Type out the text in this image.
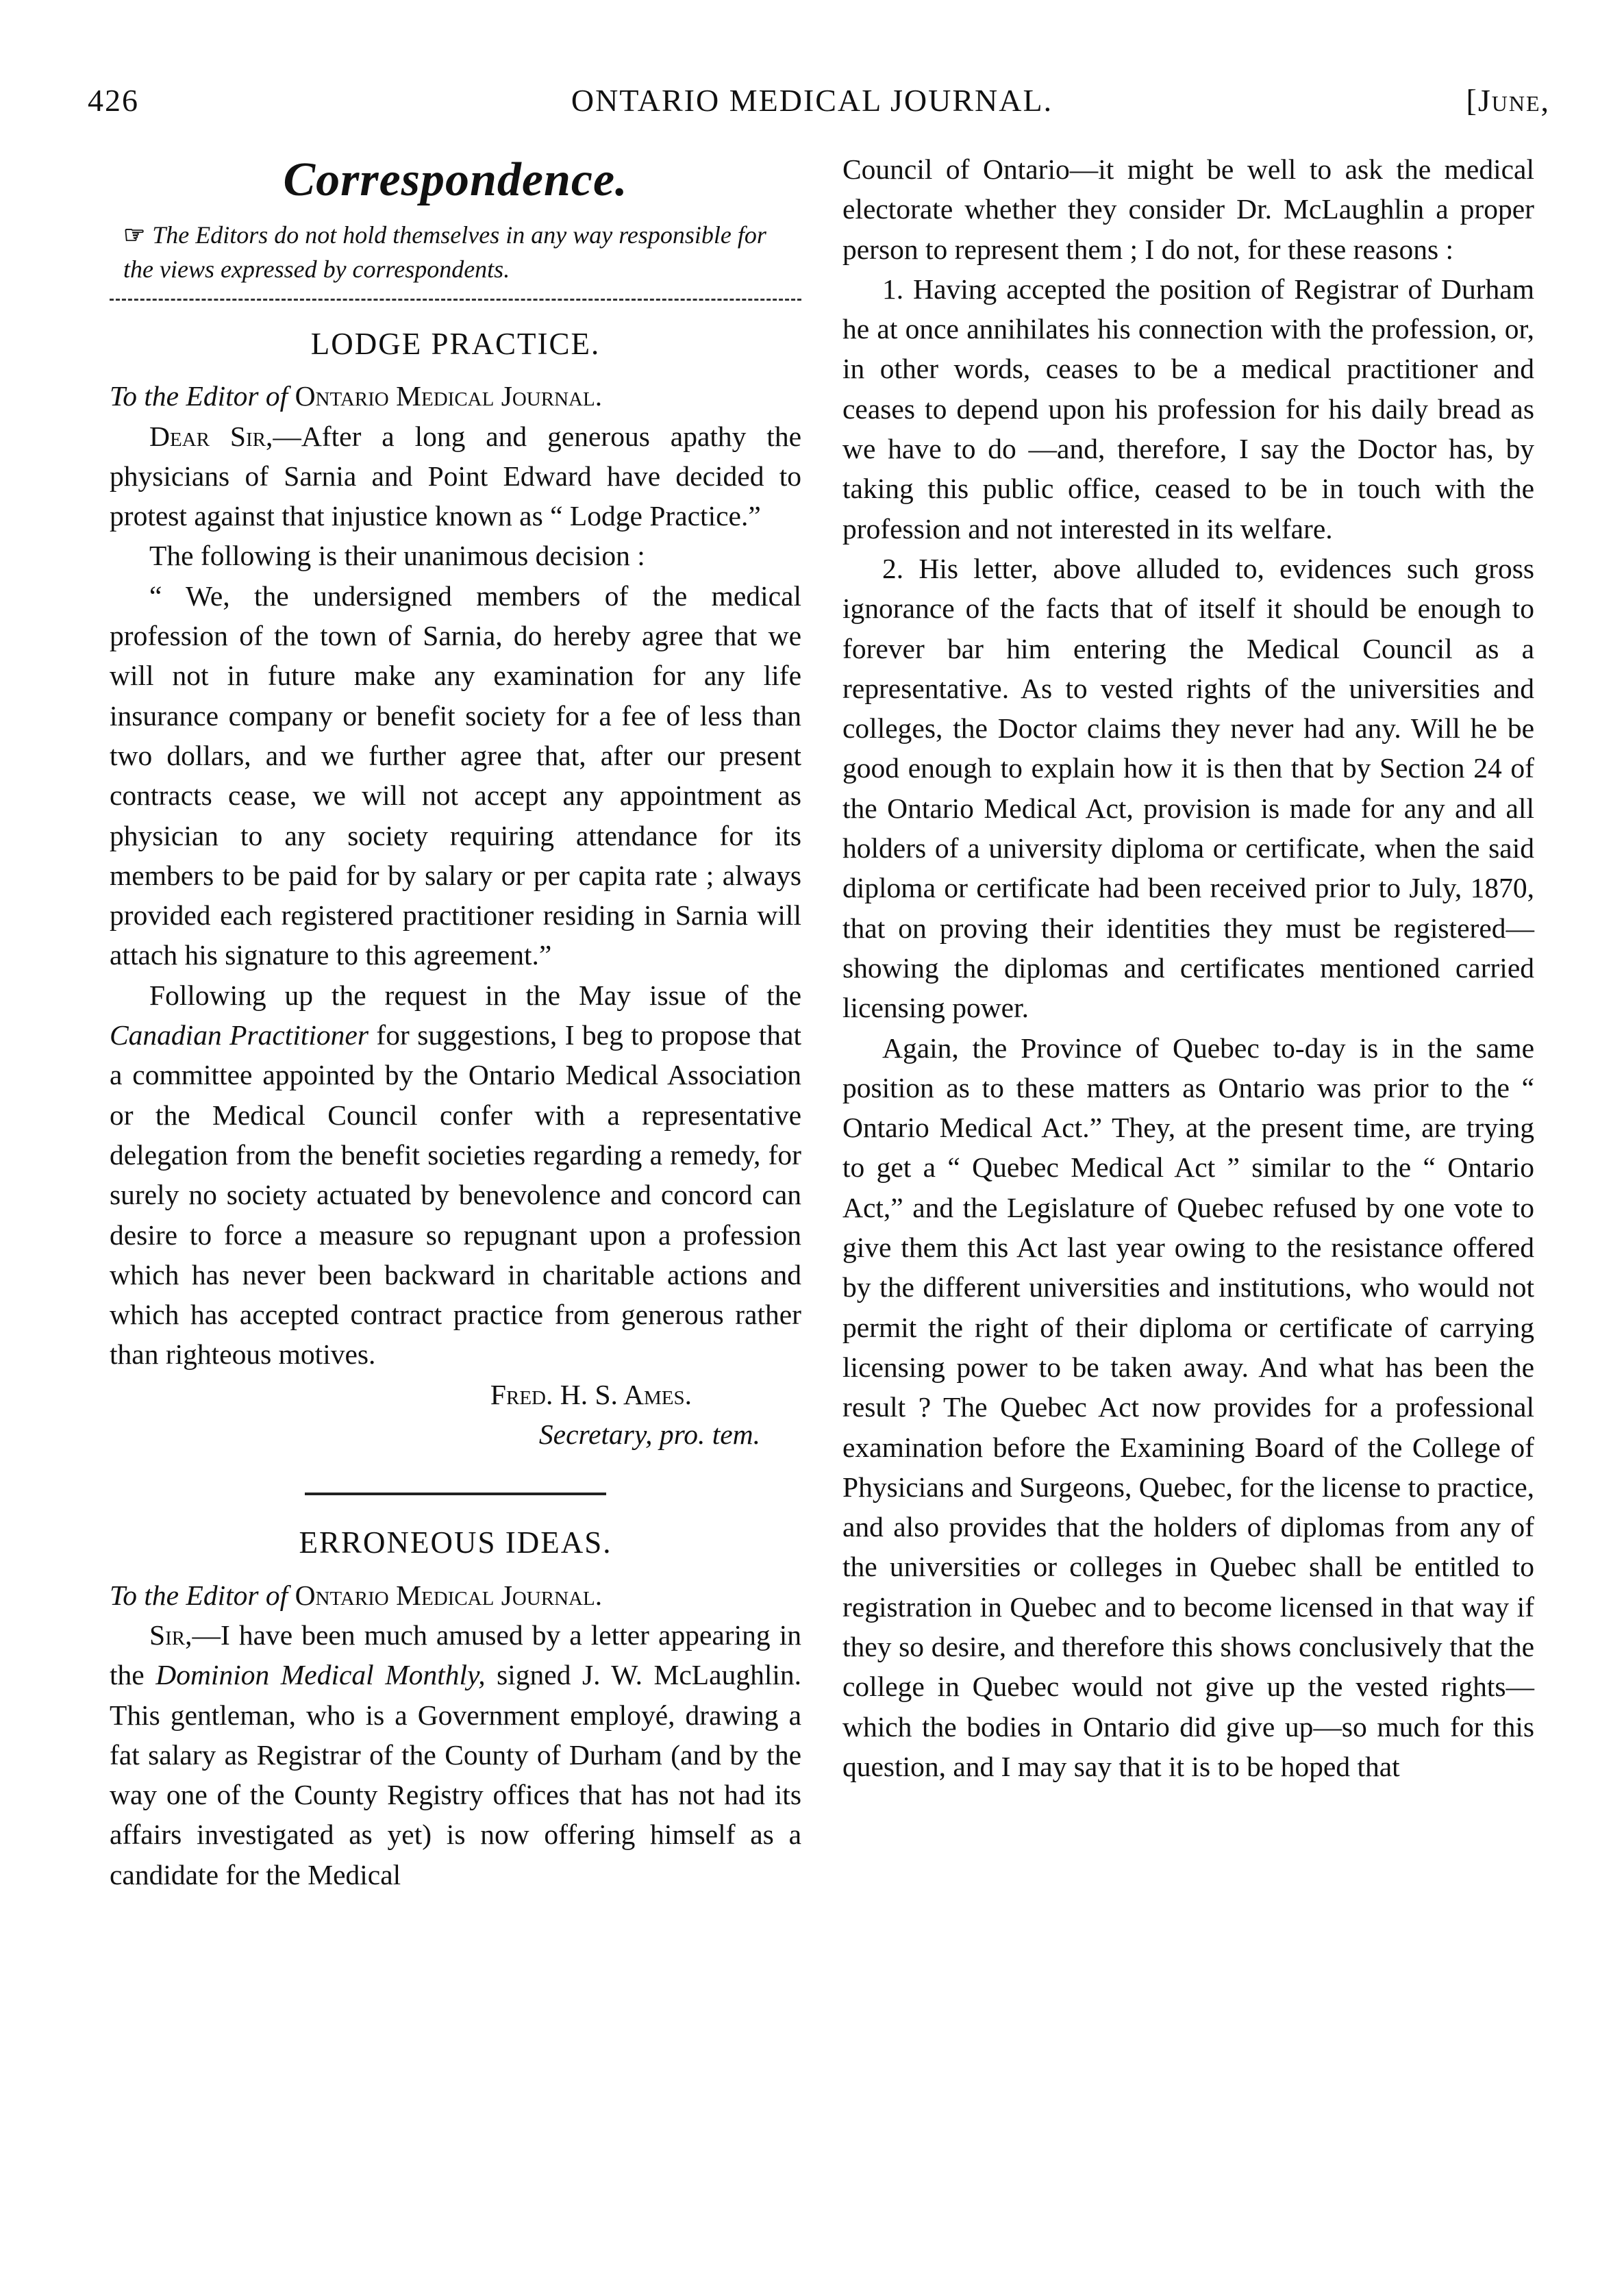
426	ONTARIO MEDICAL JOURNAL.	[June,
Correspondence.
☞ The Editors do not hold themselves in any way responsible for the views expressed by correspondents.
LODGE PRACTICE.

To the Editor of Ontario Medical Journal.

Dear Sir,—After a long and generous apathy the physicians of Sarnia and Point Edward have decided to protest against that injustice known as “ Lodge Practice.”

The following is their unanimous decision :

“ We, the undersigned members of the medical profession of the town of Sarnia, do hereby agree that we will not in future make any examination for any life insurance company or benefit society for a fee of less than two dollars, and we further agree that, after our present contracts cease, we will not accept any appointment as physician to any society requiring attendance for its members to be paid for by salary or per capita rate ; always provided each registered practitioner residing in Sarnia will attach his signature to this agreement.”

Following up the request in the May issue of the Canadian Practitioner for suggestions, I beg to propose that a committee appointed by the Ontario Medical Association or the Medical Council confer with a representative delegation from the benefit societies regarding a remedy, for surely no society actuated by benevolence and concord can desire to force a measure so repugnant upon a profession which has never been backward in charitable actions and which has accepted contract practice from generous rather than righteous motives.

Fred. H. S. Ames.

Secretary, pro. tem.

ERRONEOUS IDEAS.

To the Editor of Ontario Medical Journal.

Sir,—I have been much amused by a letter appearing in the Dominion Medical Monthly, signed J. W. McLaughlin. This gentleman, who is a Government employé, drawing a fat salary as Registrar of the County of Durham (and by the way one of the County Registry offices that has not had its affairs investigated as yet) is now offering himself as a candidate for the Medical

Council of Ontario—it might be well to ask the medical electorate whether they consider Dr. McLaughlin a proper person to represent them ; I do not, for these reasons :

1. Having accepted the position of Registrar of Durham he at once annihilates his connection with the profession, or, in other words, ceases to be a medical practitioner and ceases to depend upon his profession for his daily bread as we have to do —and, therefore, I say the Doctor has, by taking this public office, ceased to be in touch with the profession and not interested in its welfare.

2. His letter, above alluded to, evidences such gross ignorance of the facts that of itself it should be enough to forever bar him entering the Medical Council as a representative. As to vested rights of the universities and colleges, the Doctor claims they never had any. Will he be good enough to explain how it is then that by Section 24 of the Ontario Medical Act, provision is made for any and all holders of a university diploma or certificate, when the said diploma or certificate had been received prior to July, 1870, that on proving their identities they must be registered—showing the diplomas and certificates mentioned carried licensing power.

Again, the Province of Quebec to-day is in the same position as to these matters as Ontario was prior to the “ Ontario Medical Act.” They, at the present time, are trying to get a “ Quebec Medical Act ” similar to the “ Ontario Act,” and the Legislature of Quebec refused by one vote to give them this Act last year owing to the resistance offered by the different universities and institutions, who would not permit the right of their diploma or certificate of carrying licensing power to be taken away. And what has been the result ? The Quebec Act now provides for a professional examination before the Examining Board of the College of Physicians and Surgeons, Quebec, for the license to practice, and also provides that the holders of diplomas from any of the universities or colleges in Quebec shall be entitled to registration in Quebec and to become licensed in that way if they so desire, and therefore this shows conclusively that the college in Quebec would not give up the vested rights—which the bodies in Ontario did give up—so much for this question, and I may say that it is to be hoped that
